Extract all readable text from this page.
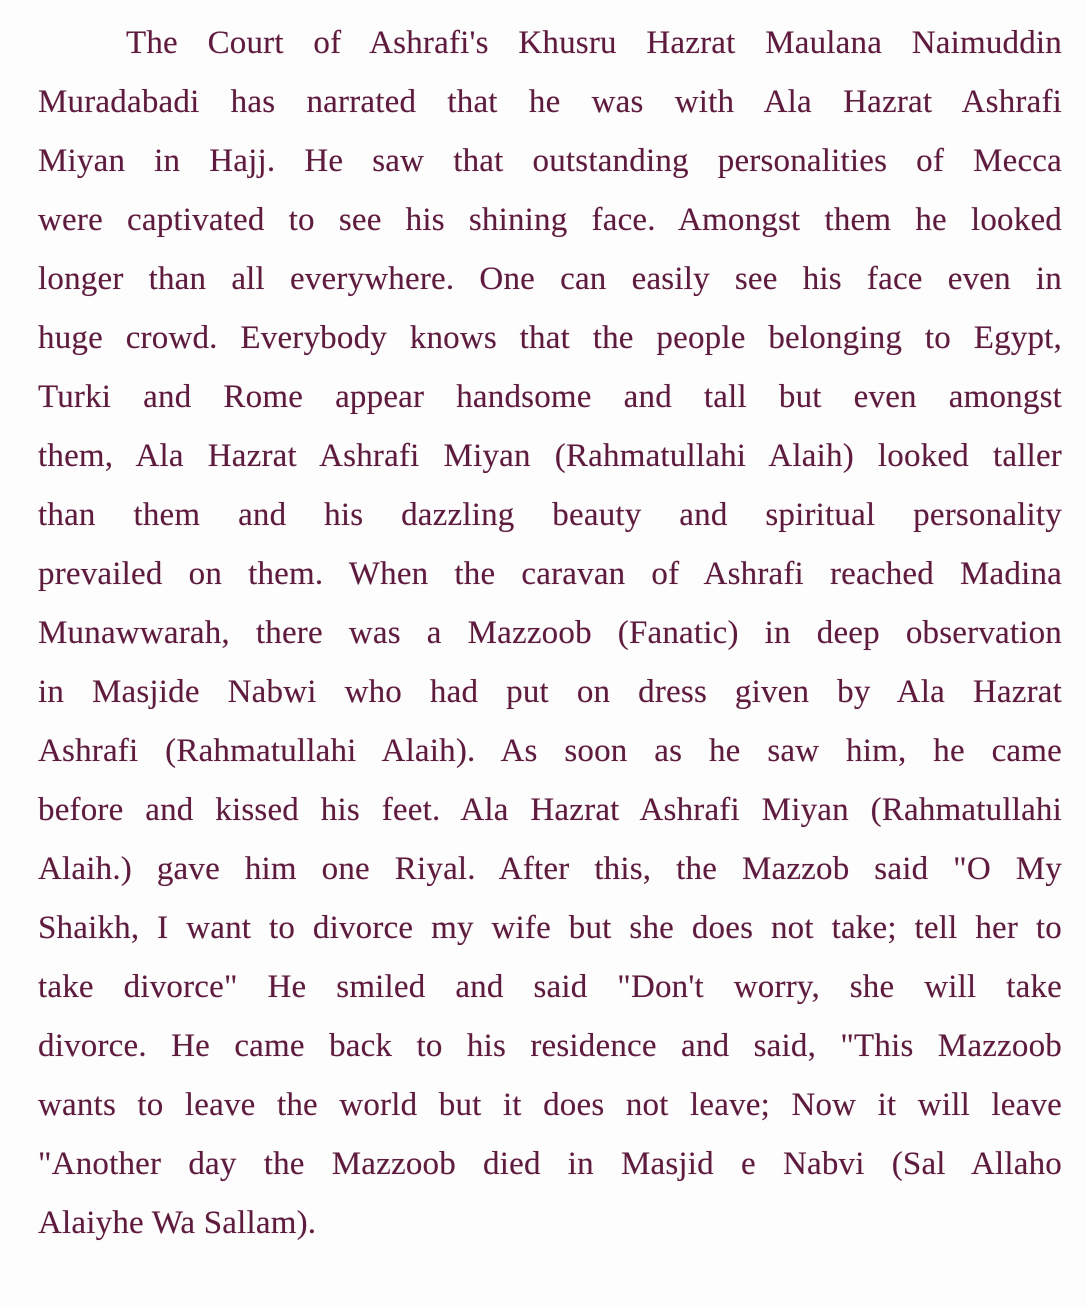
The Court of Ashrafi's Khusru Hazrat Maulana Naimuddin
Muradabadi has narrated that he was with Ala Hazrat Ashrafi
Miyan in Hajj. He saw that outstanding personalities of Mecca
were captivated to see his shining face. Amongst them he looked
longer than all everywhere. One can easily see his face even in
huge crowd. Everybody knows that the people belonging to Egypt,
Turki and Rome appear handsome and tall but even amongst
them, Ala Hazrat Ashrafi Miyan (Rahmatullahi Alaih) looked taller
than them and his dazzling beauty and spiritual personality
prevailed on them. When the caravan of Ashrafi reached Madina
Munawwarah, there was a Mazzoob (Fanatic) in deep observation
in Masjide Nabwi who had put on dress given by Ala Hazrat
Ashrafi (Rahmatullahi Alaih). As soon as he saw him, he came
before and kissed his feet. Ala Hazrat Ashrafi Miyan (Rahmatullahi
Alaih.) gave him one Riyal. After this, the Mazzob said "O My
Shaikh, I want to divorce my wife but she does not take; tell her to
take divorce" He smiled and said "Don't worry, she will take
divorce. He came back to his residence and said, "This Mazzoob
wants to leave the world but it does not leave; Now it will leave
"Another day the Mazzoob died in Masjid e Nabvi (Sal Allaho
Alaiyhe Wa Sallam).
